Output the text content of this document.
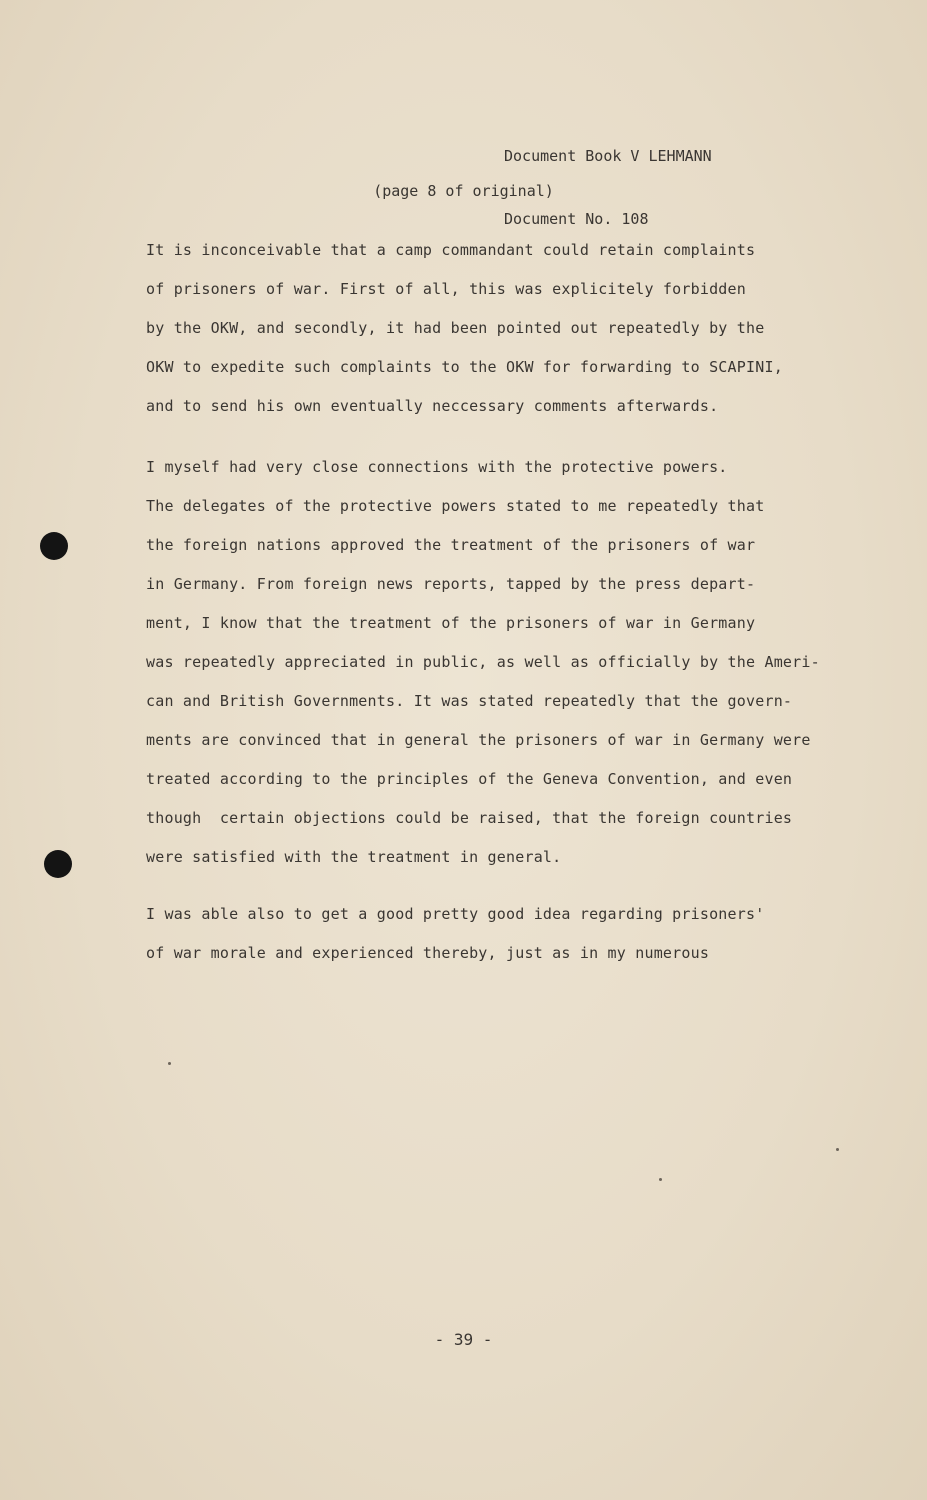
Document Book V LEHMANN

Document No. 108

(page 8 of original)
It is inconceivable that a camp commandant could retain complaints
of prisoners of war. First of all, this was explicitely forbidden
by the OKW, and secondly, it had been pointed out repeatedly by the
OKW to expedite such complaints to the OKW for forwarding to SCAPINI,
and to send his own eventually neccessary comments afterwards.
I myself had very close connections with the protective powers.
The delegates of the protective powers stated to me repeatedly that
the foreign nations approved the treatment of the prisoners of war
in Germany. From foreign news reports, tapped by the press depart-
ment, I know that the treatment of the prisoners of war in Germany
was repeatedly appreciated in public, as well as officially by the Ameri-
can and British Governments. It was stated repeatedly that the govern-
ments are convinced that in general the prisoners of war in Germany were
treated according to the principles of the Geneva Convention, and even
though  certain objections could be raised, that the foreign countries
were satisfied with the treatment in general.
I was able also to get a good pretty good idea regarding prisoners'
of war morale and experienced thereby, just as in my numerous
- 39 -
